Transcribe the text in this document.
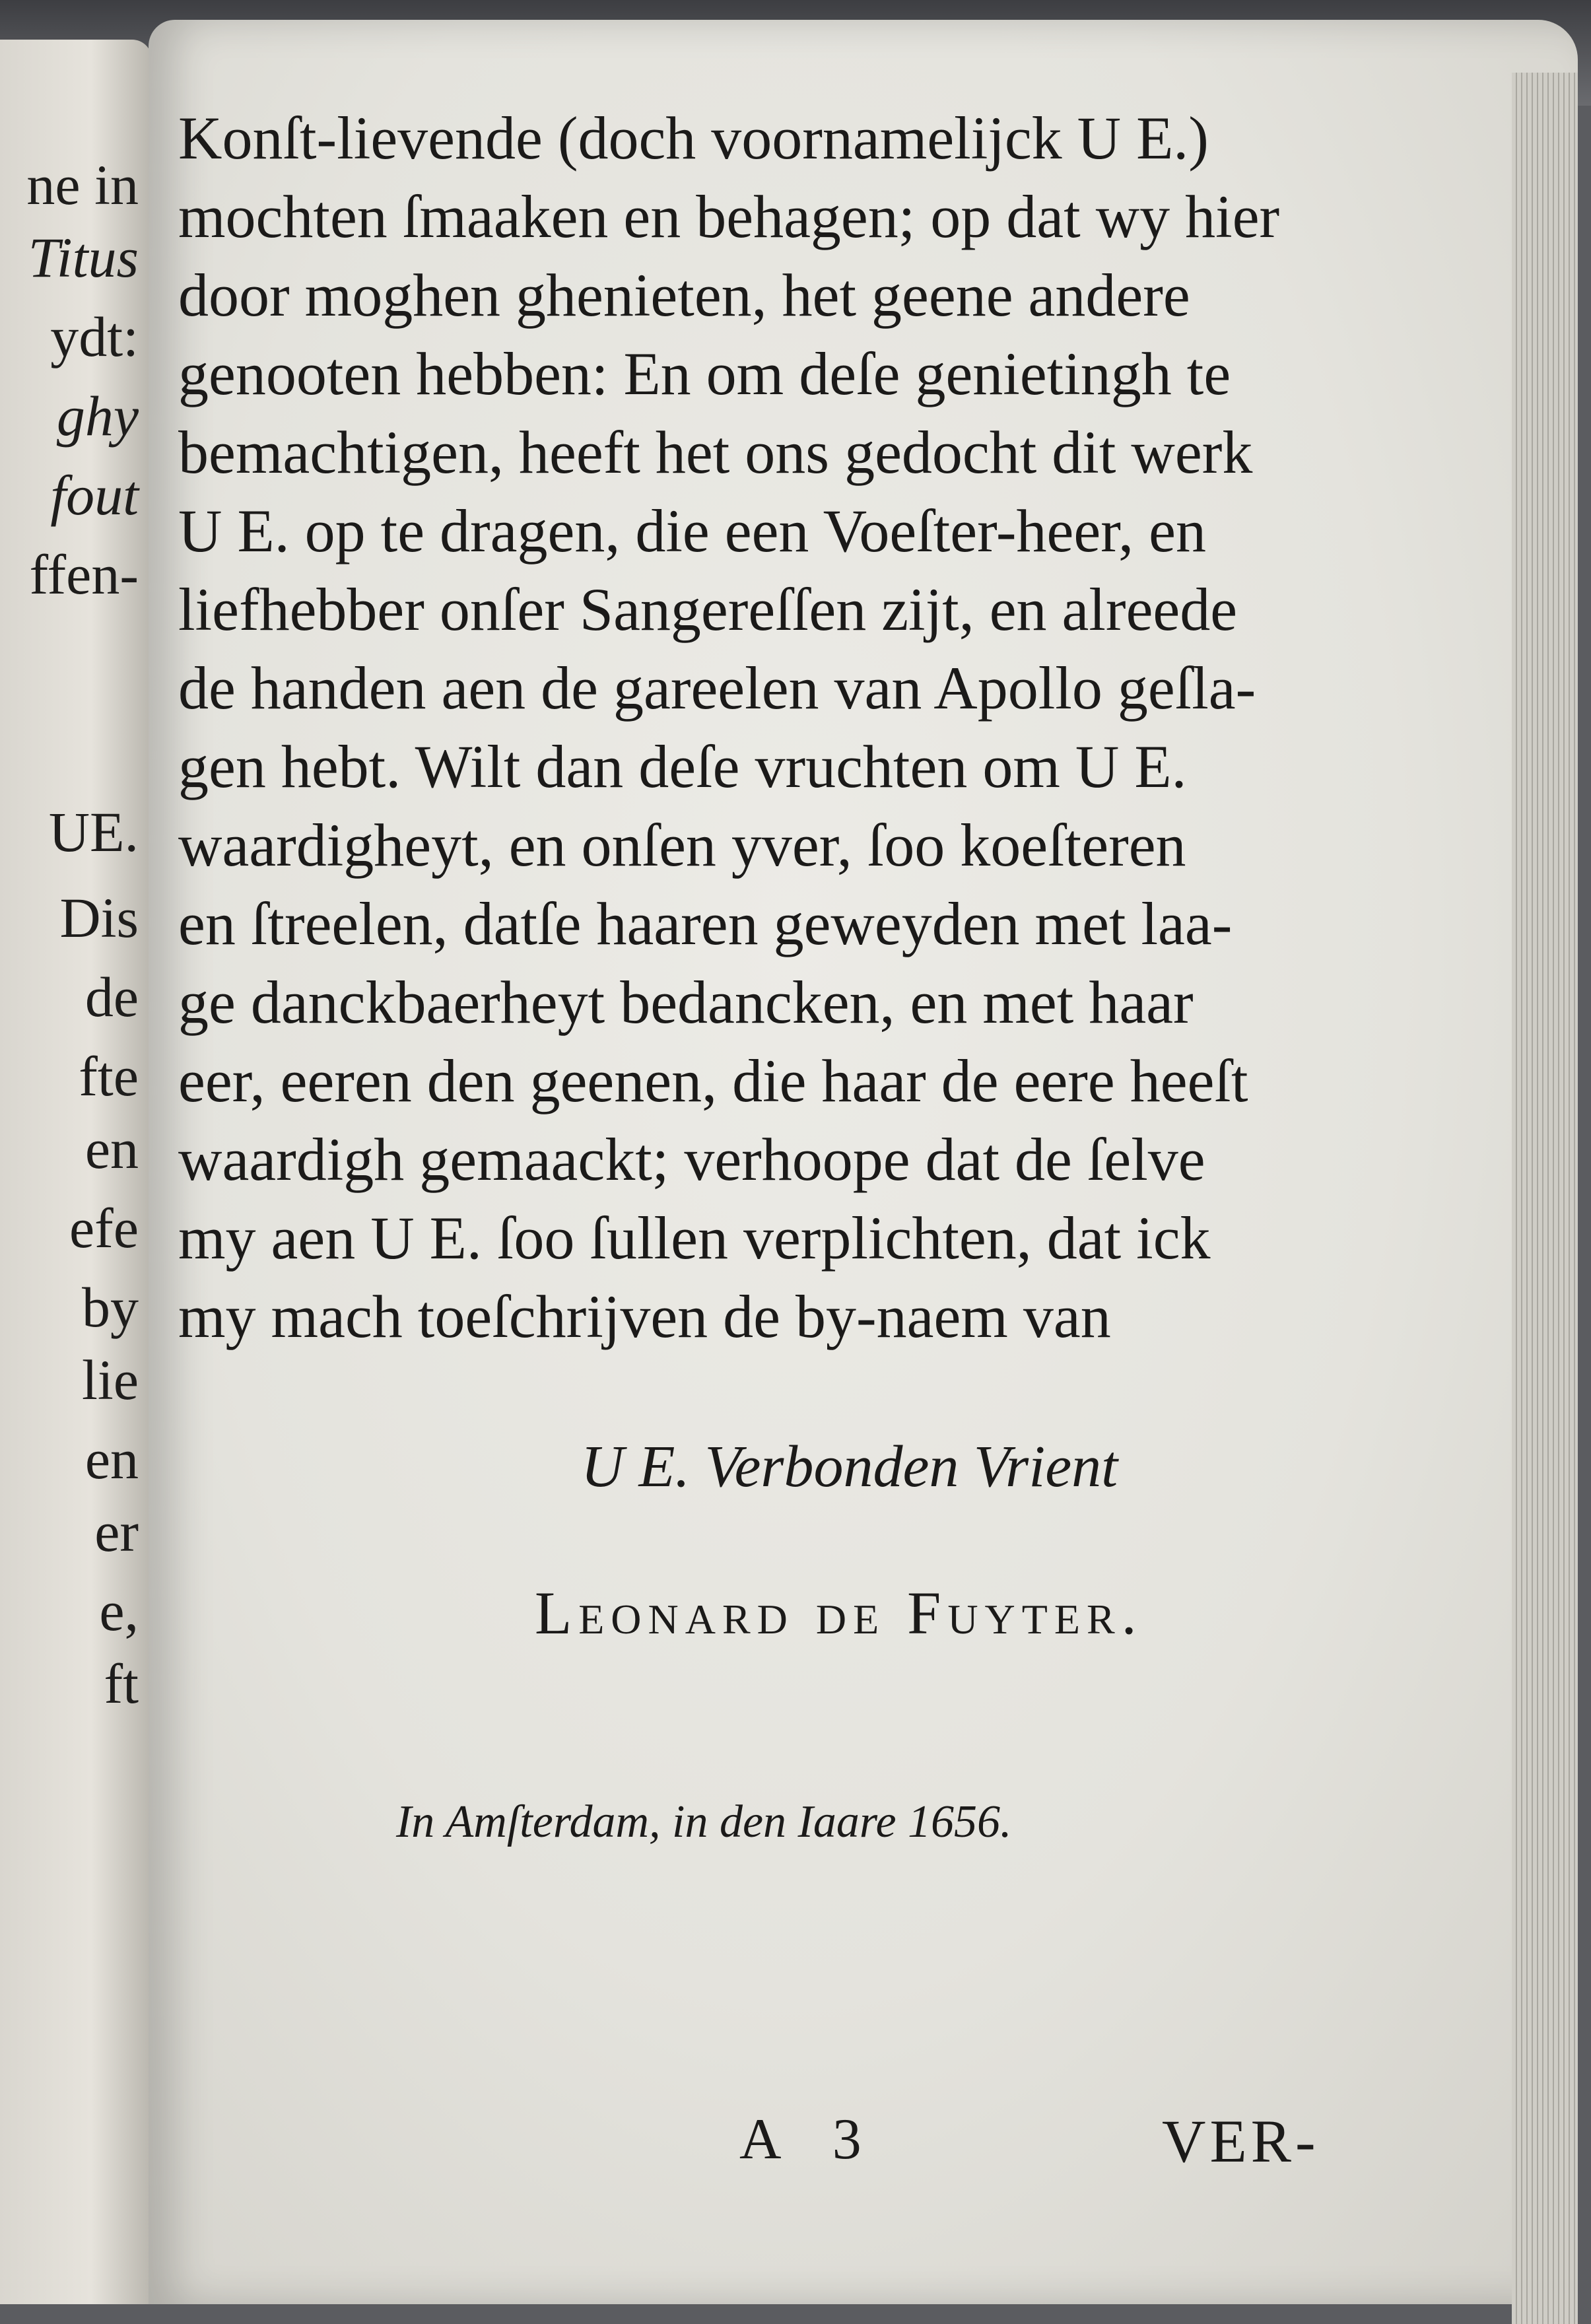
ne in
Titus
ydt:
ghy
fout
ffen-
UE.
Dis
de
fte
en
efe
by
lie
en
er
e,
ft
Konſt-lievende (doch voornamelijck U E.)
mochten ſmaaken en behagen; op dat wy hier
door moghen ghenieten, het geene andere
genooten hebben: En om deſe genietingh te
bemachtigen, heeft het ons gedocht dit werk
U E. op te dragen, die een Voeſter-heer, en
liefhebber onſer Sangereſſen zijt, en alreede
de handen aen de gareelen van Apollo geſla-
gen hebt. Wilt dan deſe vruchten om U E.
waardigheyt, en onſen yver, ſoo koeſteren
en ſtreelen, datſe haaren geweyden met laa-
ge danckbaerheyt bedancken, en met haar
eer, eeren den geenen, die haar de eere heeſt
waardigh gemaackt; verhoope dat de ſelve
my aen U E. ſoo ſullen verplichten, dat ick
my mach toeſchrijven de by-naem van
U E. Verbonden Vrient
Leonard de Fuyter.
In Amſterdam, in den Iaare 1656.
A 3	VER-
